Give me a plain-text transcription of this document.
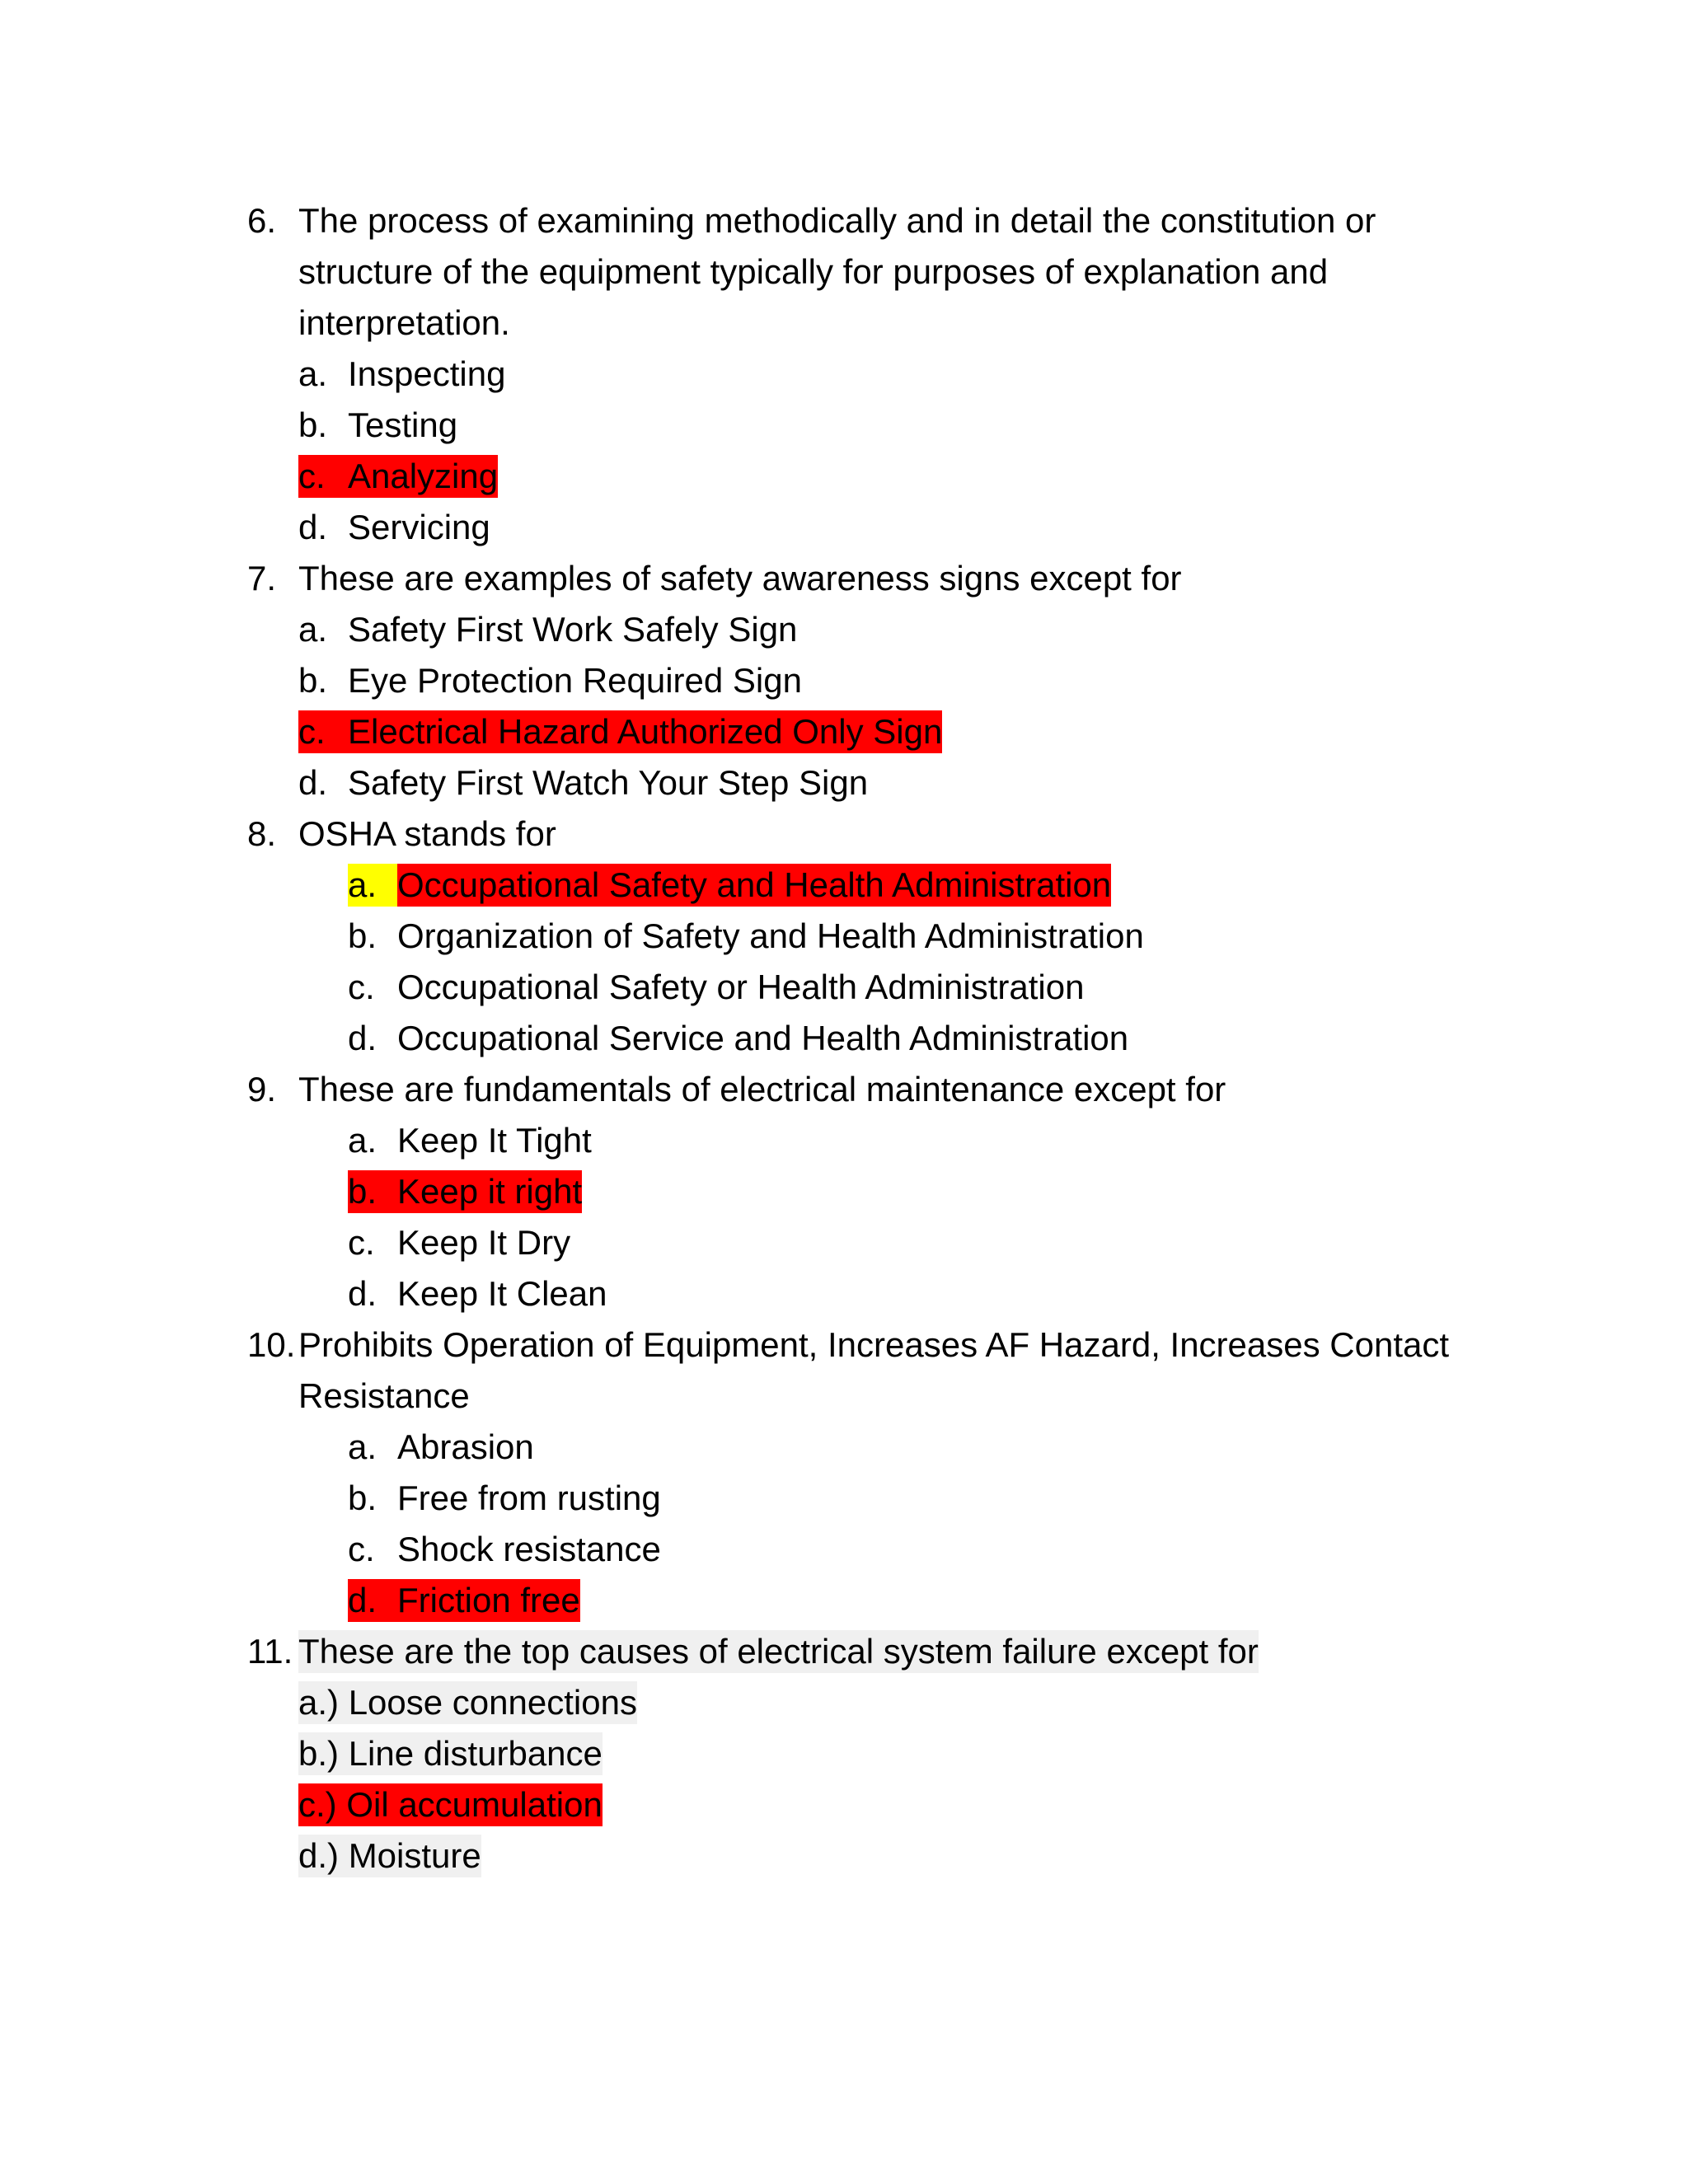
6. The process of examining methodically and in detail the constitution or
structure of the equipment typically for purposes of explanation and
interpretation.
a. Inspecting
b. Testing
c. Analyzing
d. Servicing
7. These are examples of safety awareness signs except for
a. Safety First Work Safely Sign
b. Eye Protection Required Sign
c. Electrical Hazard Authorized Only Sign
d. Safety First Watch Your Step Sign
8. OSHA stands for
a. Occupational Safety and Health Administration
b. Organization of Safety and Health Administration
c. Occupational Safety or Health Administration
d. Occupational Service and Health Administration
9. These are fundamentals of electrical maintenance except for
a. Keep It Tight
b. Keep it right
c. Keep It Dry
d. Keep It Clean
10. Prohibits Operation of Equipment, Increases AF Hazard, Increases Contact
Resistance
a. Abrasion
b. Free from rusting
c. Shock resistance
d. Friction free
11. These are the top causes of electrical system failure except for
a.) Loose connections
b.) Line disturbance
c.) Oil accumulation
d.) Moisture
